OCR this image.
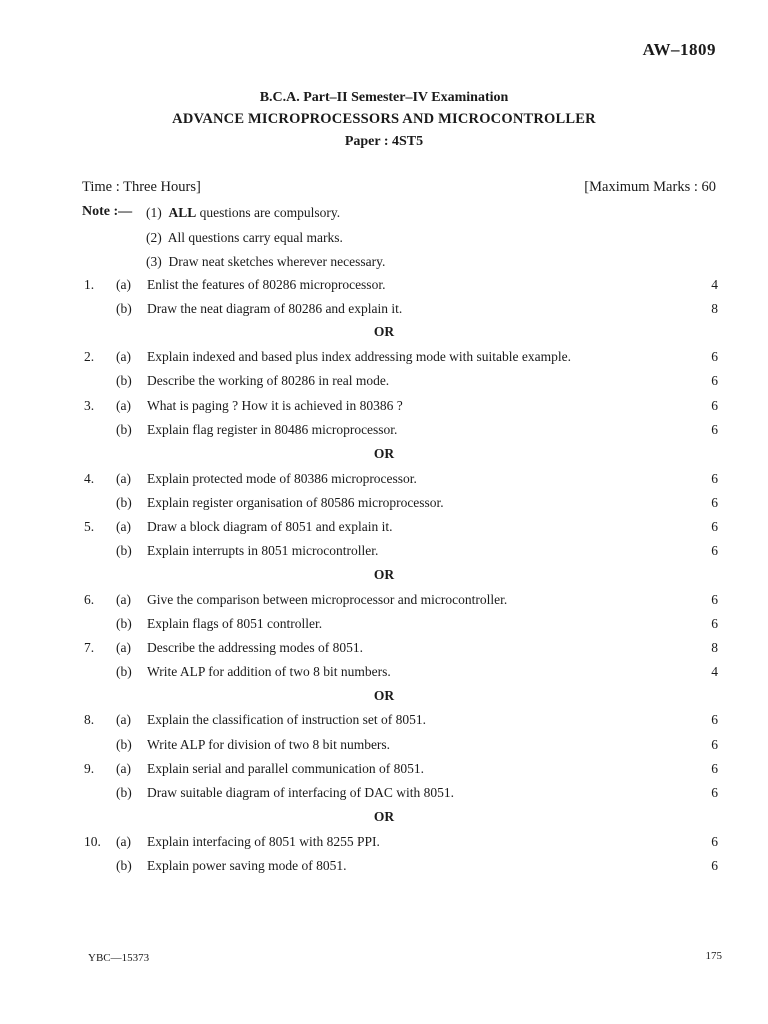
AW–1809
B.C.A. Part–II Semester–IV Examination
ADVANCE MICROPROCESSORS AND MICROCONTROLLER
Paper : 4ST5
Time : Three Hours]	[Maximum Marks : 60
Note :— (1) ALL questions are compulsory.
(2) All questions carry equal marks.
(3) Draw neat sketches wherever necessary.
1. (a) Enlist the features of 80286 microprocessor.	4
(b) Draw the neat diagram of 80286 and explain it.	8
OR
2. (a) Explain indexed and based plus index addressing mode with suitable example.	6
(b) Describe the working of 80286 in real mode.	6
3. (a) What is paging ? How it is achieved in 80386 ?	6
(b) Explain flag register in 80486 microprocessor.	6
OR
4. (a) Explain protected mode of 80386 microprocessor.	6
(b) Explain register organisation of 80586 microprocessor.	6
5. (a) Draw a block diagram of 8051 and explain it.	6
(b) Explain interrupts in 8051 microcontroller.	6
OR
6. (a) Give the comparison between microprocessor and microcontroller.	6
(b) Explain flags of 8051 controller.	6
7. (a) Describe the addressing modes of 8051.	8
(b) Write ALP for addition of two 8 bit numbers.	4
OR
8. (a) Explain the classification of instruction set of 8051.	6
(b) Write ALP for division of two 8 bit numbers.	6
9. (a) Explain serial and parallel communication of 8051.	6
(b) Draw suitable diagram of interfacing of DAC with 8051.	6
OR
10. (a) Explain interfacing of 8051 with 8255 PPI.	6
(b) Explain power saving mode of 8051.	6
YBC—15373	175
